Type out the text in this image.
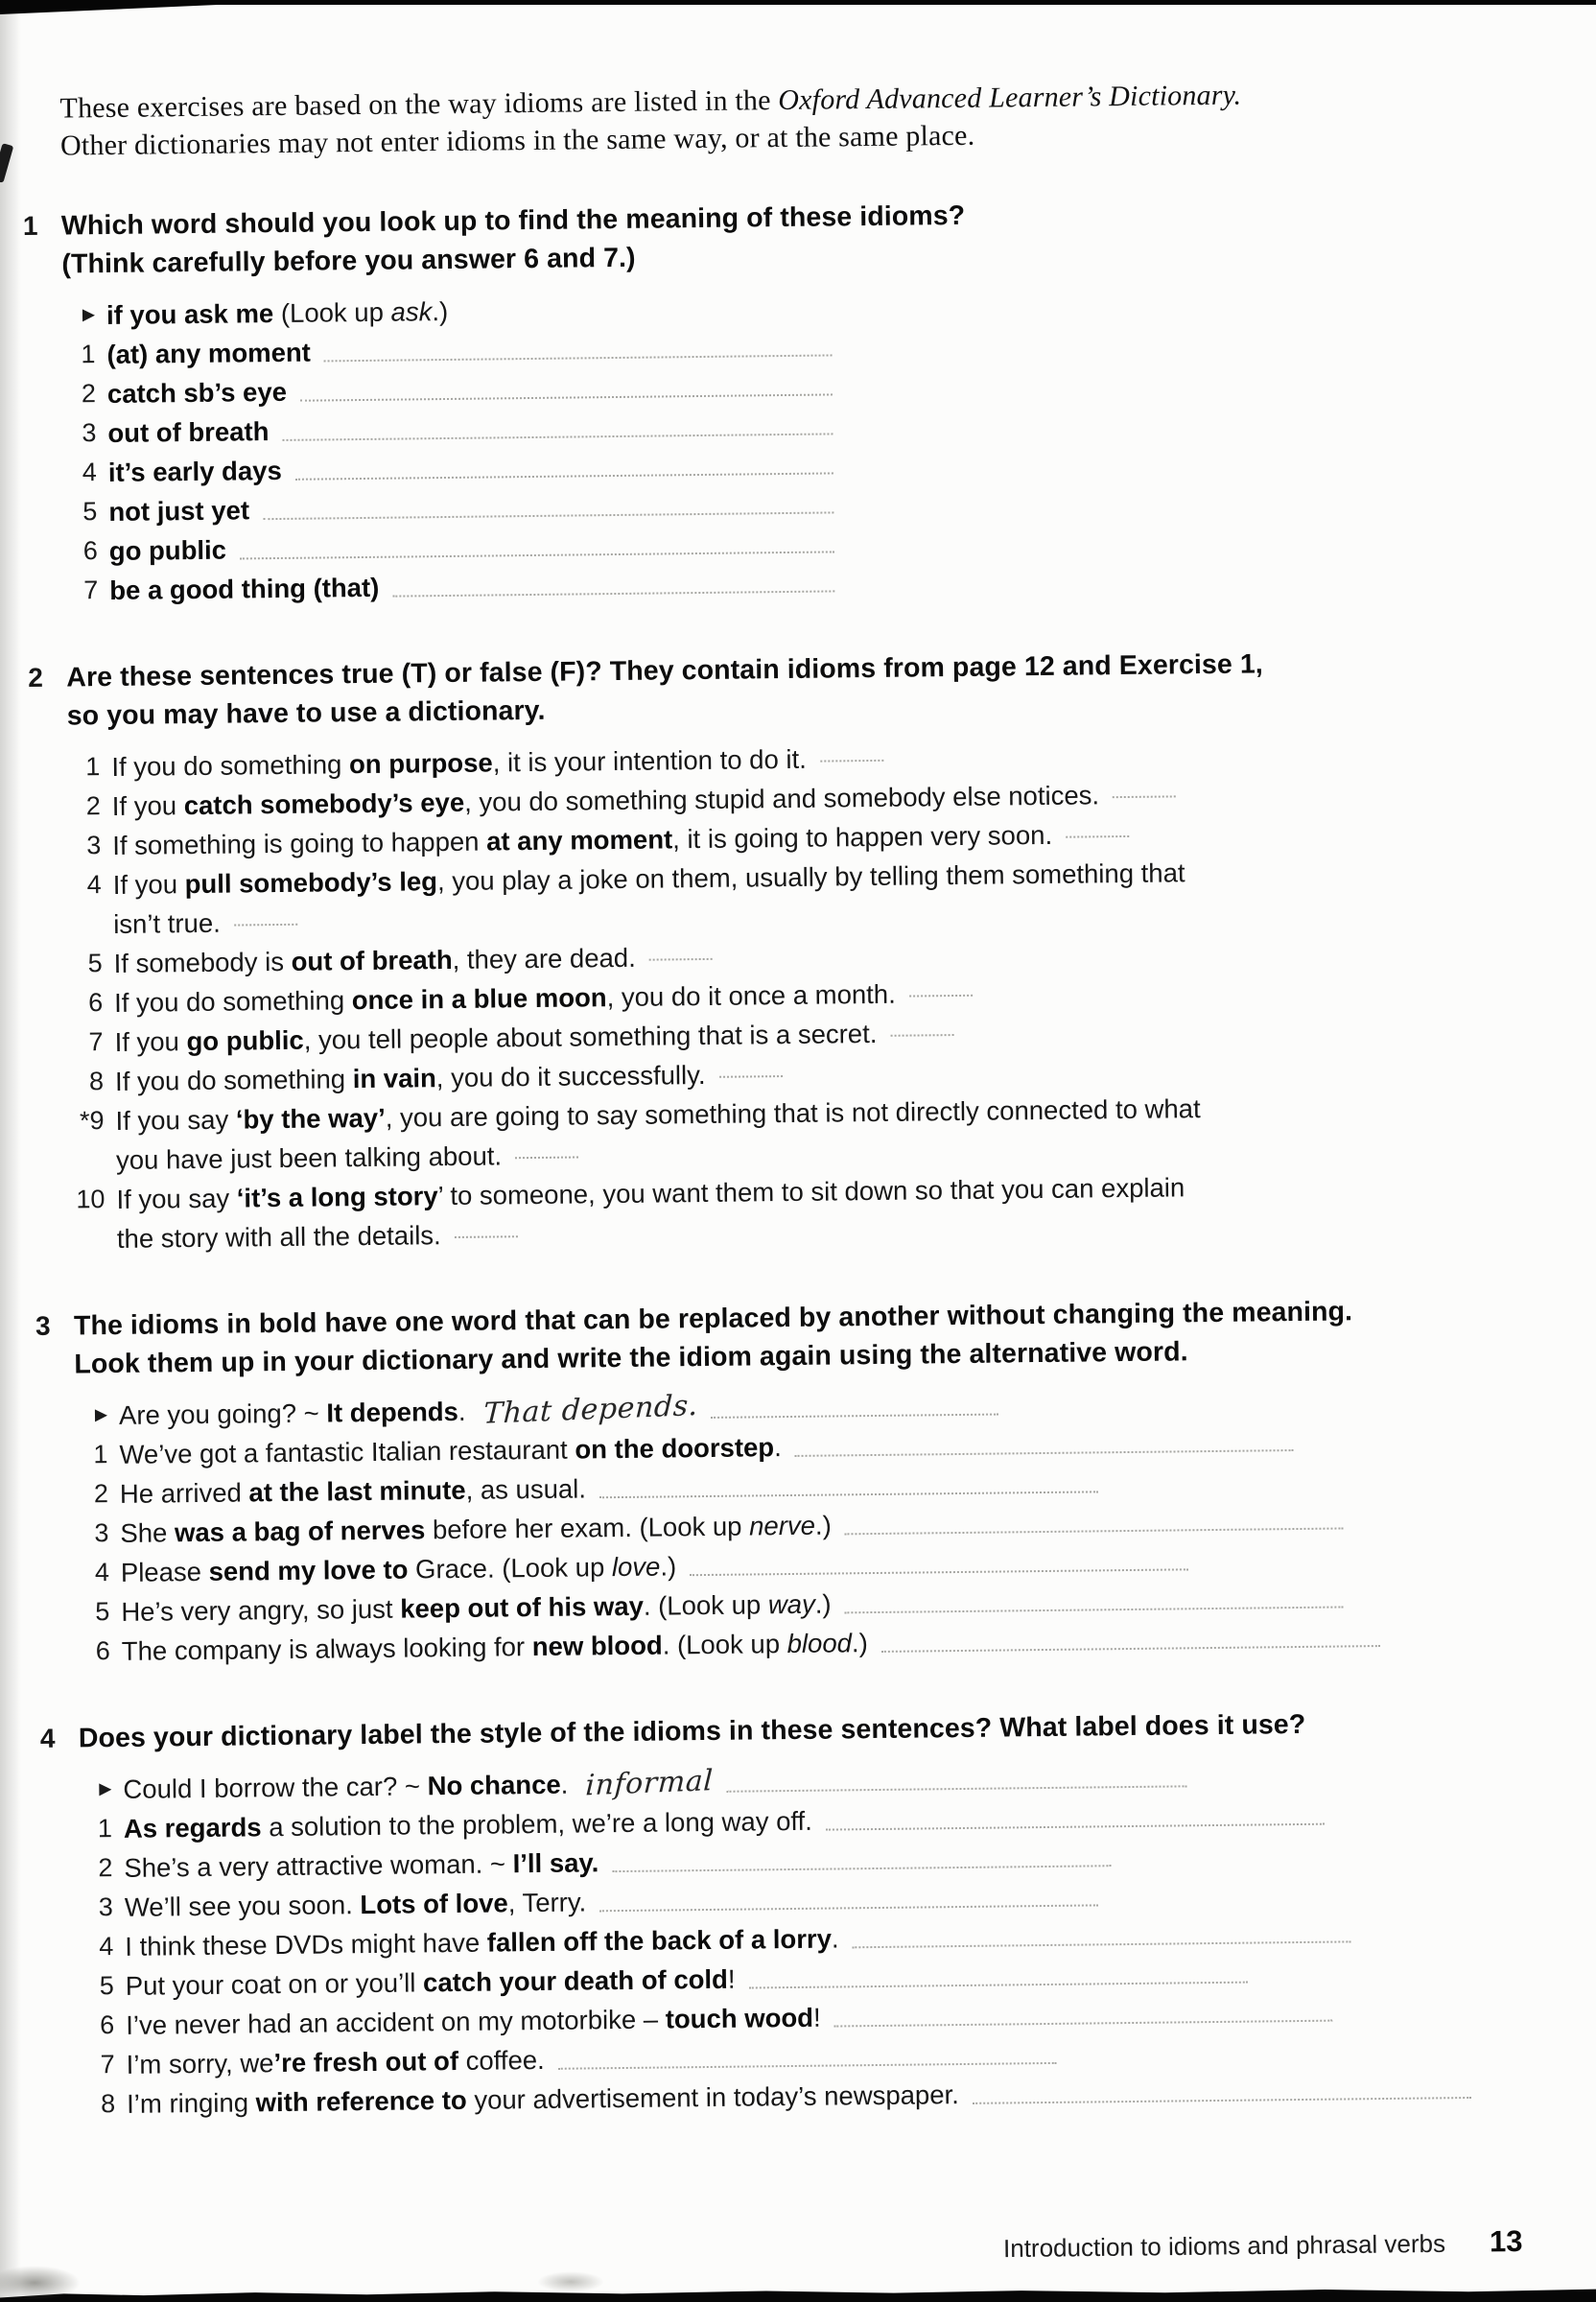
These exercises are based on the way idioms are listed in the Oxford Advanced Learner’s Dictionary.
Other dictionaries may not enter idioms in the same way, or at the same place.

1 Which word should you look up to find the meaning of these idioms?
(Think carefully before you answer 6 and 7.)
▶ if you ask me (Look up ask.)
1 (at) any moment
2 catch sb’s eye
3 out of breath
4 it’s early days
5 not just yet
6 go public
7 be a good thing (that)
2 Are these sentences true (T) or false (F)? They contain idioms from page 12 and Exercise 1,
so you may have to use a dictionary.
1 If you do something on purpose, it is your intention to do it.
2 If you catch somebody’s eye, you do something stupid and somebody else notices.
3 If something is going to happen at any moment, it is going to happen very soon.
4 If you pull somebody’s leg, you play a joke on them, usually by telling them something that
isn’t true.
5 If somebody is out of breath, they are dead.
6 If you do something once in a blue moon, you do it once a month.
7 If you go public, you tell people about something that is a secret.
8 If you do something in vain, you do it successfully.
*9 If you say ‘by the way’, you are going to say something that is not directly connected to what
you have just been talking about.
10 If you say ‘it’s a long story’ to someone, you want them to sit down so that you can explain
the story with all the details.
3 The idioms in bold have one word that can be replaced by another without changing the meaning.
Look them up in your dictionary and write the idiom again using the alternative word.
▶ Are you going? ~ It depends. That depends.
1 We’ve got a fantastic Italian restaurant on the doorstep.
2 He arrived at the last minute, as usual.
3 She was a bag of nerves before her exam. (Look up nerve.)
4 Please send my love to Grace. (Look up love.)
5 He’s very angry, so just keep out of his way. (Look up way.)
6 The company is always looking for new blood. (Look up blood.)
4 Does your dictionary label the style of the idioms in these sentences? What label does it use?
▶ Could I borrow the car? ~ No chance. informal
1 As regards a solution to the problem, we’re a long way off.
2 She’s a very attractive woman. ~ I’ll say.
3 We’ll see you soon. Lots of love, Terry.
4 I think these DVDs might have fallen off the back of a lorry.
5 Put your coat on or you’ll catch your death of cold!
6 I’ve never had an accident on my motorbike – touch wood!
7 I’m sorry, we’re fresh out of coffee.
8 I’m ringing with reference to your advertisement in today’s newspaper.
Introduction to idioms and phrasal verbs 13
